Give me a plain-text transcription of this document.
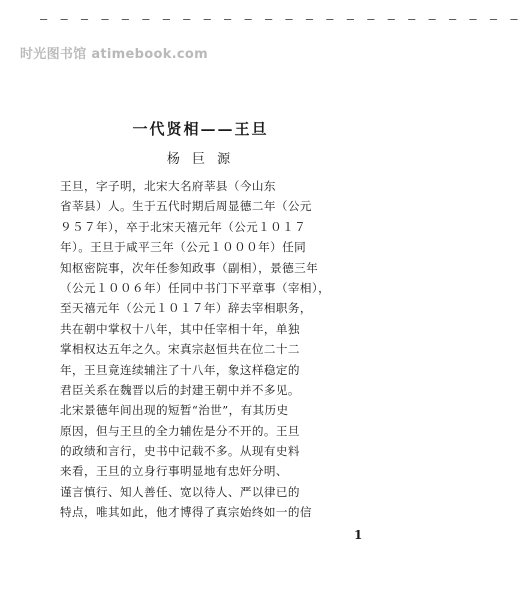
– – – – – – – – – – – – – – – – – – – – – – – –
时光图书馆 atimebook.com
一代贤相——王旦
杨 巨 源
王旦，字子明，北宋大名府莘县（今山东
省莘县）人。生于五代时期后周显德二年（公元
９５７年），卒于北宋天禧元年（公元１０１７
年）。王旦于咸平三年（公元１０００年）任同
知枢密院事，次年任参知政事（副相），景德三年
（公元１００６年）任同中书门下平章事（宰相），
至天禧元年（公元１０１７年）辞去宰相职务，
共在朝中掌权十八年，其中任宰相十年，单独
掌相权达五年之久。宋真宗赵恒共在位二十二
年，王旦竟连续辅注了十八年，象这样稳定的
君臣关系在魏晋以后的封建王朝中并不多见。
北宋景德年间出现的短暂“治世”，有其历史
原因，但与王旦的全力辅佐是分不开的。王旦
的政绩和言行，史书中记载不多。从现有史料
来看，王旦的立身行事明显地有忠奸分明、
谨言慎行、知人善任、宽以待人、严以律已的
特点，唯其如此，他才博得了真宗始终如一的信
1
